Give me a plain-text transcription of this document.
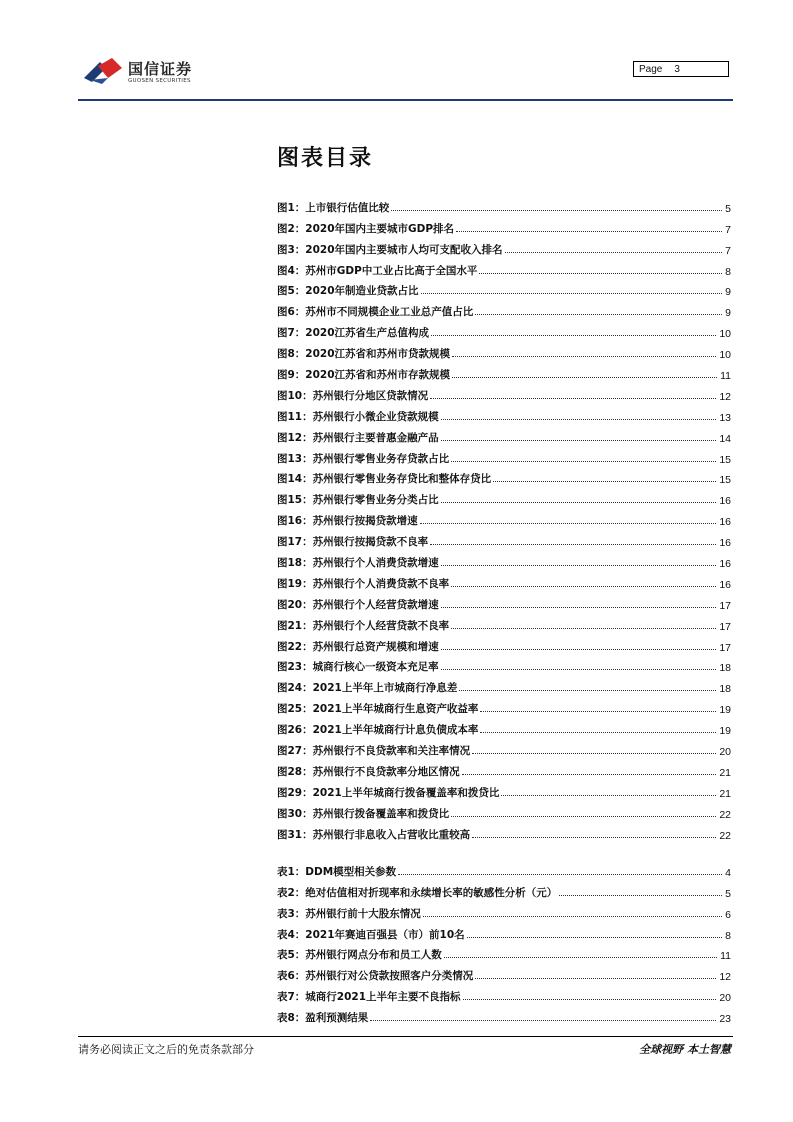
国信证券
GUOSEN SECURITIES
Page 3
图表目录
图1：上市银行估值比较	5
图2：2020年国内主要城市GDP排名	7
图3：2020年国内主要城市人均可支配收入排名	7
图4：苏州市GDP中工业占比高于全国水平	8
图5：2020年制造业贷款占比	9
图6：苏州市不同规模企业工业总产值占比	9
图7：2020江苏省生产总值构成	10
图8：2020江苏省和苏州市贷款规模	10
图9：2020江苏省和苏州市存款规模	11
图10：苏州银行分地区贷款情况	12
图11：苏州银行小微企业贷款规模	13
图12：苏州银行主要普惠金融产品	14
图13：苏州银行零售业务存贷款占比	15
图14：苏州银行零售业务存贷比和整体存贷比	15
图15：苏州银行零售业务分类占比	16
图16：苏州银行按揭贷款增速	16
图17：苏州银行按揭贷款不良率	16
图18：苏州银行个人消费贷款增速	16
图19：苏州银行个人消费贷款不良率	16
图20：苏州银行个人经营贷款增速	17
图21：苏州银行个人经营贷款不良率	17
图22：苏州银行总资产规模和增速	17
图23：城商行核心一级资本充足率	18
图24：2021上半年上市城商行净息差	18
图25：2021上半年城商行生息资产收益率	19
图26：2021上半年城商行计息负债成本率	19
图27：苏州银行不良贷款率和关注率情况	20
图28：苏州银行不良贷款率分地区情况	21
图29：2021上半年城商行拨备覆盖率和拨贷比	21
图30：苏州银行拨备覆盖率和拨贷比	22
图31：苏州银行非息收入占营收比重较高	22
表1：DDM模型相关参数	4
表2：绝对估值相对折现率和永续增长率的敏感性分析（元）	5
表3：苏州银行前十大股东情况	6
表4：2021年赛迪百强县（市）前10名	8
表5：苏州银行网点分布和员工人数	11
表6：苏州银行对公贷款按照客户分类情况	12
表7：城商行2021上半年主要不良指标	20
表8：盈利预测结果	23
请务必阅读正文之后的免责条款部分	全球视野 本土智慧
